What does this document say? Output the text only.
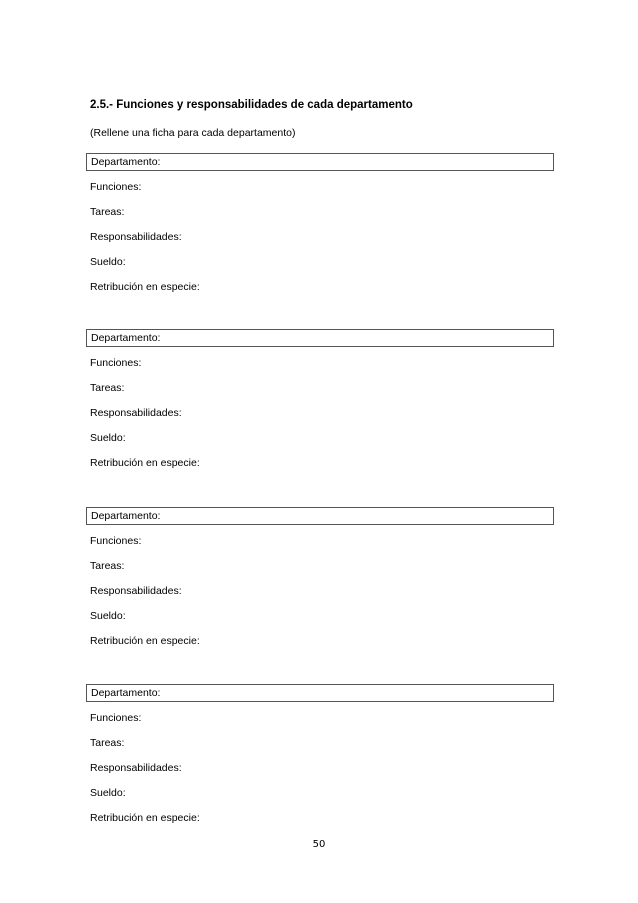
2.5.- Funciones y responsabilidades de cada departamento
(Rellene una ficha para cada departamento)
Departamento:
Funciones:
Tareas:
Responsabilidades:
Sueldo:
Retribución en especie:
Departamento:
Funciones:
Tareas:
Responsabilidades:
Sueldo:
Retribución en especie:
Departamento:
Funciones:
Tareas:
Responsabilidades:
Sueldo:
Retribución en especie:
Departamento:
Funciones:
Tareas:
Responsabilidades:
Sueldo:
Retribución en especie:
50
